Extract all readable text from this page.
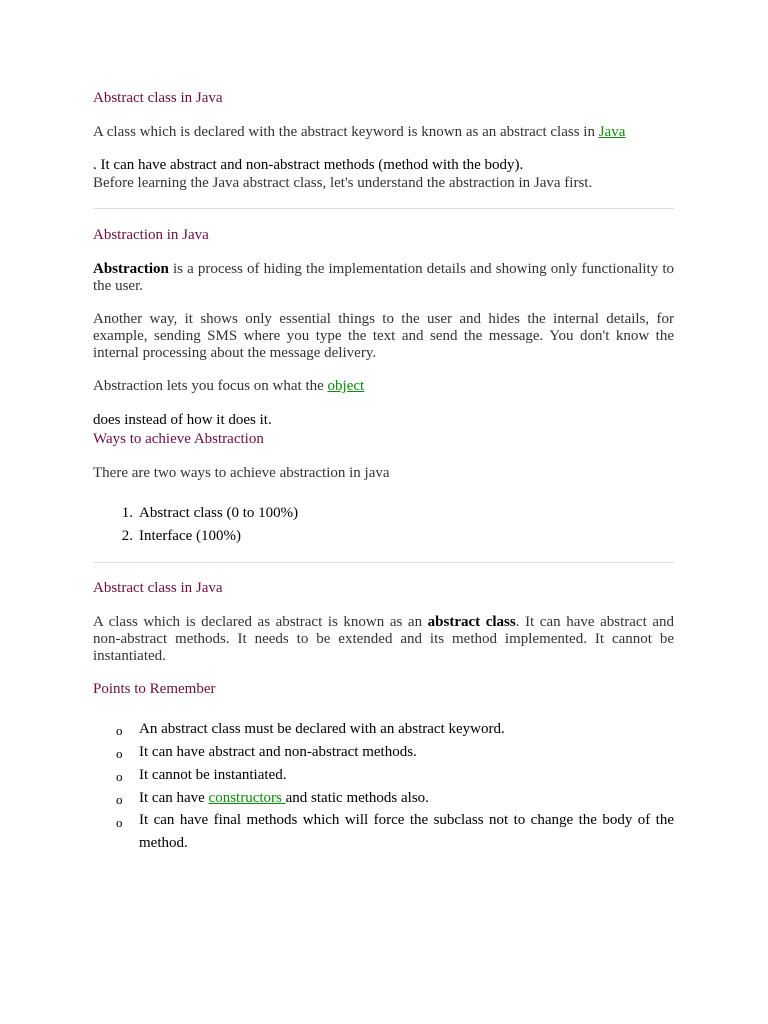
Abstract class in Java
A class which is declared with the abstract keyword is known as an abstract class in Java
. It can have abstract and non-abstract methods (method with the body).
Before learning the Java abstract class, let's understand the abstraction in Java first.
Abstraction in Java
Abstraction is a process of hiding the implementation details and showing only functionality to the user.
Another way, it shows only essential things to the user and hides the internal details, for example, sending SMS where you type the text and send the message. You don't know the internal processing about the message delivery.
Abstraction lets you focus on what the object
does instead of how it does it.
Ways to achieve Abstraction
There are two ways to achieve abstraction in java
1. Abstract class (0 to 100%)
2. Interface (100%)
Abstract class in Java
A class which is declared as abstract is known as an abstract class. It can have abstract and non-abstract methods. It needs to be extended and its method implemented. It cannot be instantiated.
Points to Remember
o An abstract class must be declared with an abstract keyword.
o It can have abstract and non-abstract methods.
o It cannot be instantiated.
o It can have constructors and static methods also.
o It can have final methods which will force the subclass not to change the body of the method.
